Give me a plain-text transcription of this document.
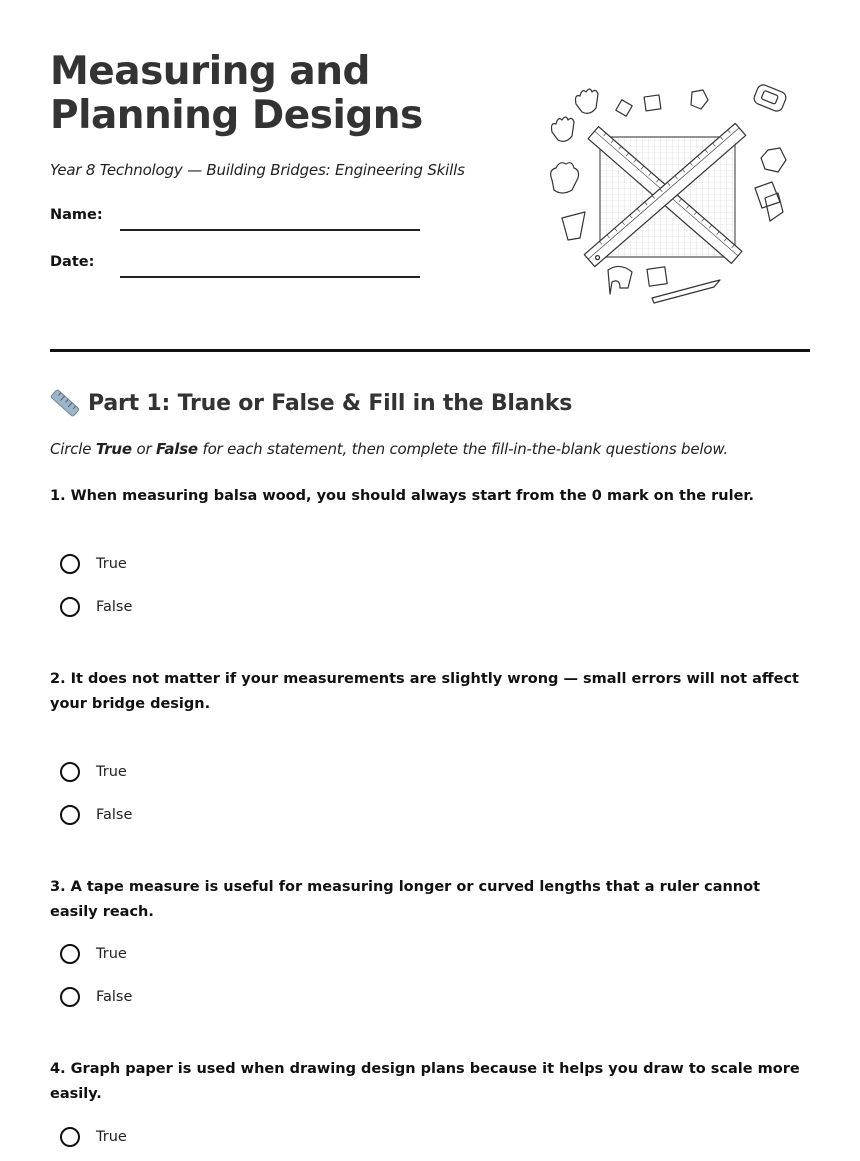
Measuring and Planning Designs
Year 8 Technology — Building Bridges: Engineering Skills
Name:
Date:
Part 1: True or False & Fill in the Blanks
Circle True or False for each statement, then complete the fill-in-the-blank questions below.

1. When measuring balsa wood, you should always start from the 0 mark on the ruler.

True
False

2. It does not matter if your measurements are slightly wrong — small errors will not affect your bridge design.

True
False

3. A tape measure is useful for measuring longer or curved lengths that a ruler cannot easily reach.

True
False

4. Graph paper is used when drawing design plans because it helps you draw to scale more easily.

True
